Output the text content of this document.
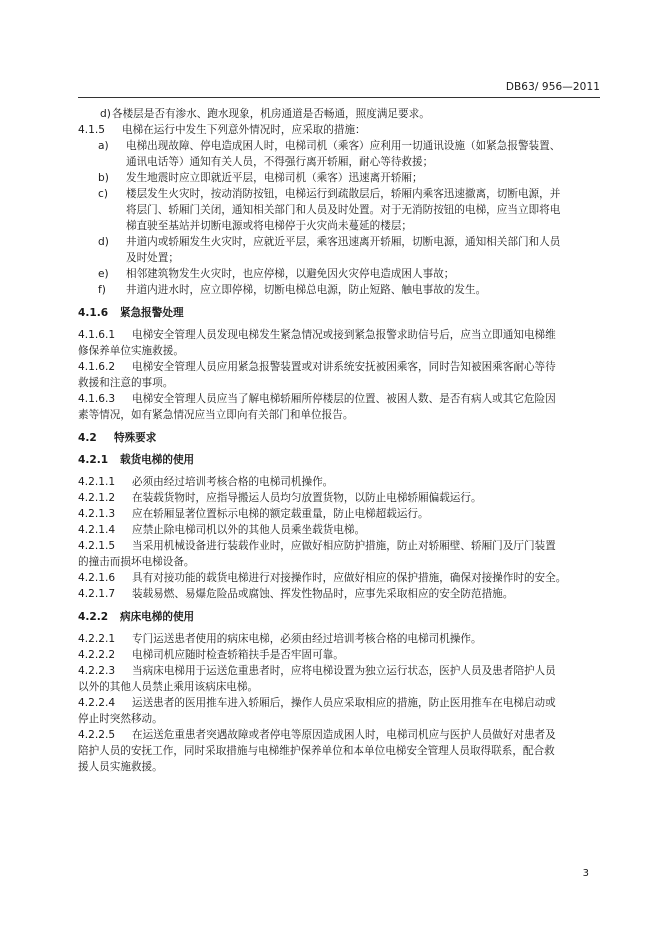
DB63/ 956—2011
d) 各楼层是否有渗水、跑水现象，机房通道是否畅通，照度满足要求。
4.1.5	电梯在运行中发生下列意外情况时，应采取的措施：
a)	电梯出现故障、停电造成困人时，电梯司机（乘客）应利用一切通讯设施（如紧急报警装置、
通讯电话等）通知有关人员，不得强行离开轿厢，耐心等待救援；
b)	发生地震时应立即就近平层，电梯司机（乘客）迅速离开轿厢；
c)	楼层发生火灾时，按动消防按钮，电梯运行到疏散层后，轿厢内乘客迅速撤离，切断电源，并
将层门、轿厢门关闭，通知相关部门和人员及时处置。对于无消防按钮的电梯，应当立即将电
梯直驶至基站并切断电源或将电梯停于火灾尚未蔓延的楼层；
d)	井道内或轿厢发生火灾时，应就近平层，乘客迅速离开轿厢，切断电源，通知相关部门和人员
及时处置；
e)	相邻建筑物发生火灾时，也应停梯，以避免因火灾停电造成困人事故；
f)	井道内进水时，应立即停梯，切断电梯总电源，防止短路、触电事故的发生。
4.1.6	紧急报警处理
4.1.6.1 电梯安全管理人员发现电梯发生紧急情况或接到紧急报警求助信号后，应当立即通知电梯维
修保养单位实施救援。
4.1.6.2 电梯安全管理人员应用紧急报警装置或对讲系统安抚被困乘客，同时告知被困乘客耐心等待
救援和注意的事项。
4.1.6.3 电梯安全管理人员应当了解电梯轿厢所停楼层的位置、被困人数、是否有病人或其它危险因
素等情况，如有紧急情况应当立即向有关部门和单位报告。
4.2	特殊要求
4.2.1	载货电梯的使用
4.2.1.1 必须由经过培训考核合格的电梯司机操作。
4.2.1.2 在装载货物时，应指导搬运人员均匀放置货物，以防止电梯轿厢偏载运行。
4.2.1.3 应在轿厢显著位置标示电梯的额定载重量，防止电梯超载运行。
4.2.1.4 应禁止除电梯司机以外的其他人员乘坐载货电梯。
4.2.1.5 当采用机械设备进行装载作业时，应做好相应防护措施，防止对轿厢壁、轿厢门及厅门装置
的撞击而损坏电梯设备。
4.2.1.6 具有对接功能的载货电梯进行对接操作时，应做好相应的保护措施，确保对接操作时的安全。
4.2.1.7 装载易燃、易爆危险品或腐蚀、挥发性物品时，应事先采取相应的安全防范措施。
4.2.2	病床电梯的使用
4.2.2.1 专门运送患者使用的病床电梯，必须由经过培训考核合格的电梯司机操作。
4.2.2.2 电梯司机应随时检查轿箱扶手是否牢固可靠。
4.2.2.3 当病床电梯用于运送危重患者时，应将电梯设置为独立运行状态，医护人员及患者陪护人员
以外的其他人员禁止乘用该病床电梯。
4.2.2.4 运送患者的医用推车进入轿厢后，操作人员应采取相应的措施，防止医用推车在电梯启动或
停止时突然移动。
4.2.2.5 在运送危重患者突遇故障或者停电等原因造成困人时，电梯司机应与医护人员做好对患者及
陪护人员的安抚工作，同时采取措施与电梯维护保养单位和本单位电梯安全管理人员取得联系，配合救
援人员实施救援。
3
